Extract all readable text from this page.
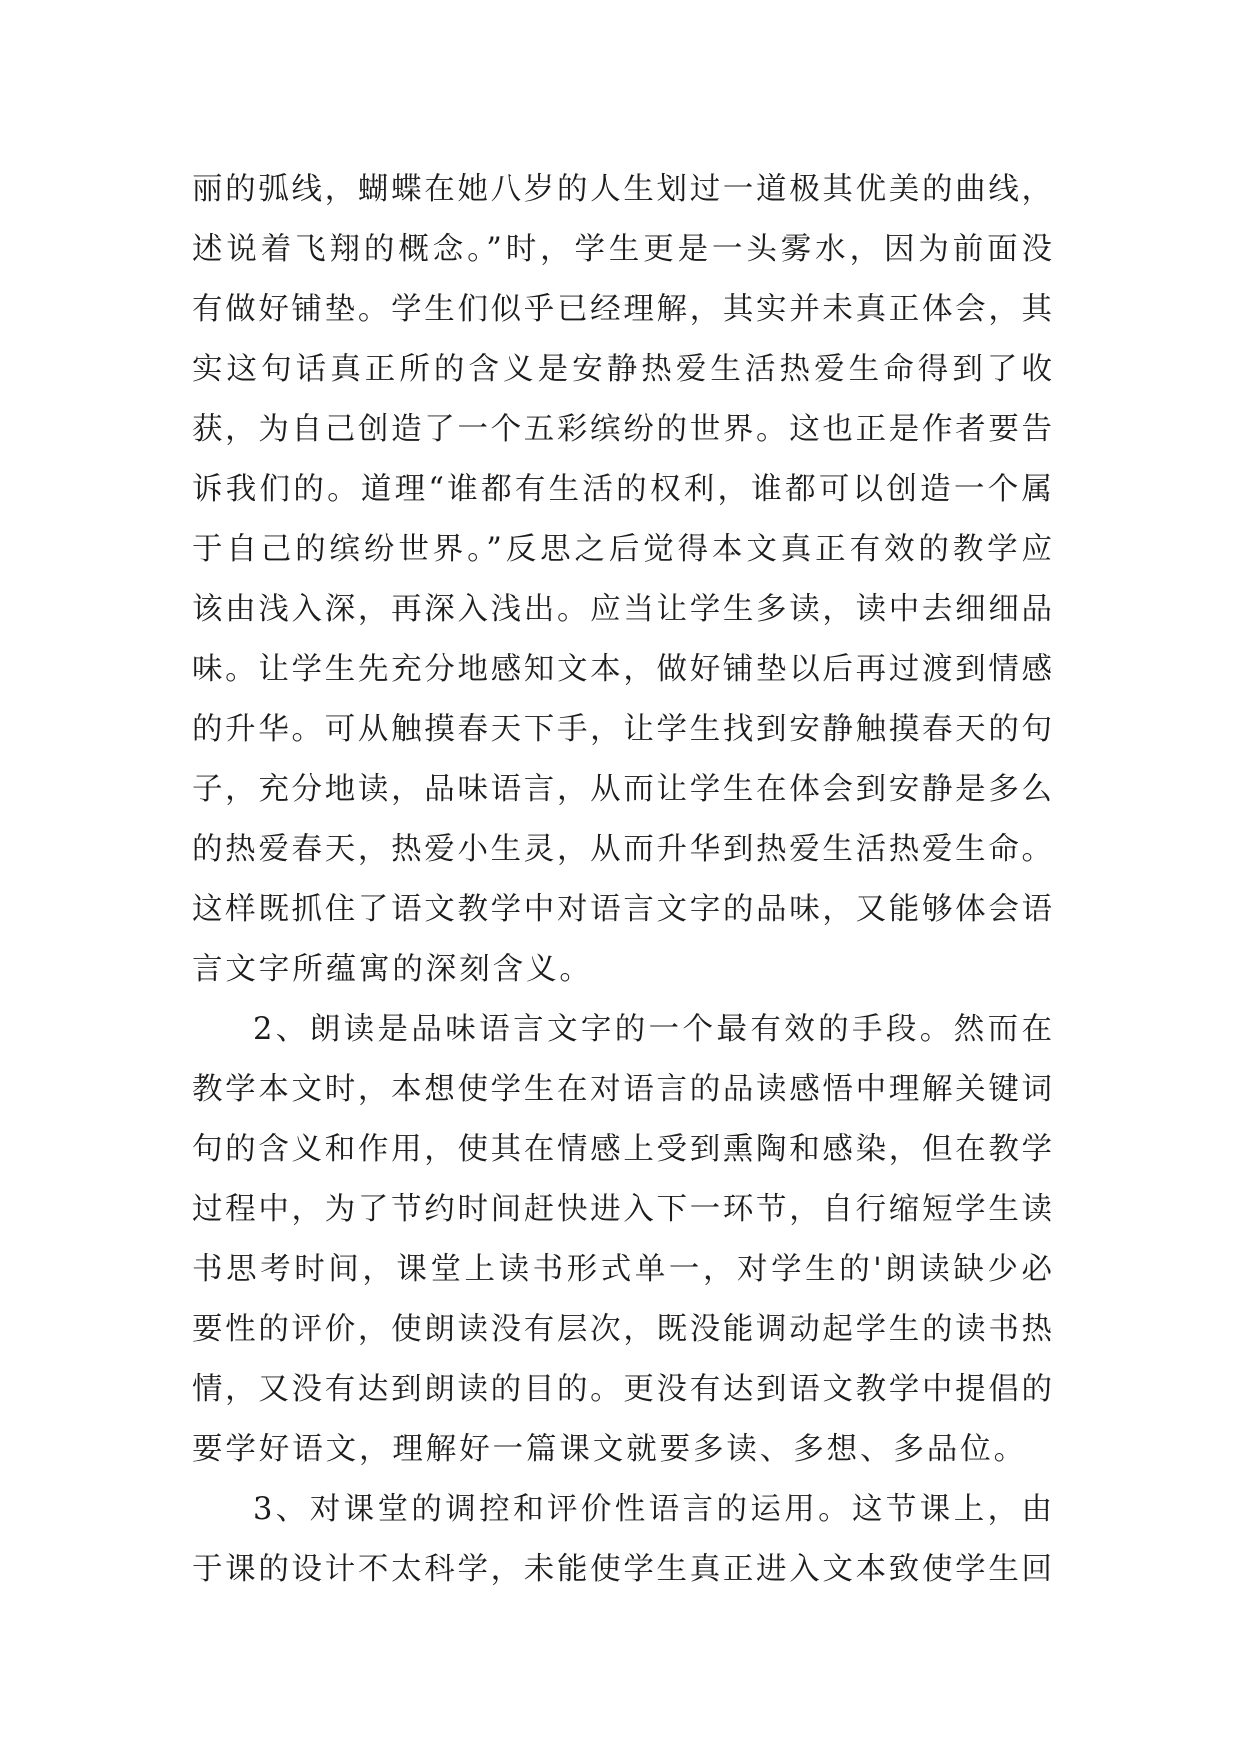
丽的弧线，蝴蝶在她八岁的人生划过一道极其优美的曲线，
述说着飞翔的概念。”时，学生更是一头雾水，因为前面没
有做好铺垫。学生们似乎已经理解，其实并未真正体会，其
实这句话真正所的含义是安静热爱生活热爱生命得到了收
获，为自己创造了一个五彩缤纷的世界。这也正是作者要告
诉我们的。道理“谁都有生活的权利，谁都可以创造一个属
于自己的缤纷世界。”反思之后觉得本文真正有效的教学应
该由浅入深，再深入浅出。应当让学生多读，读中去细细品
味。让学生先充分地感知文本，做好铺垫以后再过渡到情感
的升华。可从触摸春天下手，让学生找到安静触摸春天的句
子，充分地读，品味语言，从而让学生在体会到安静是多么
的热爱春天，热爱小生灵，从而升华到热爱生活热爱生命。
这样既抓住了语文教学中对语言文字的品味，又能够体会语
言文字所蕴寓的深刻含义。
2、朗读是品味语言文字的一个最有效的手段。然而在
教学本文时，本想使学生在对语言的品读感悟中理解关键词
句的含义和作用，使其在情感上受到熏陶和感染，但在教学
过程中，为了节约时间赶快进入下一环节，自行缩短学生读
书思考时间，课堂上读书形式单一，对学生的'朗读缺少必
要性的评价，使朗读没有层次，既没能调动起学生的读书热
情，又没有达到朗读的目的。更没有达到语文教学中提倡的
要学好语文，理解好一篇课文就要多读、多想、多品位。
3、对课堂的调控和评价性语言的运用。这节课上，由
于课的设计不太科学，未能使学生真正进入文本致使学生回
